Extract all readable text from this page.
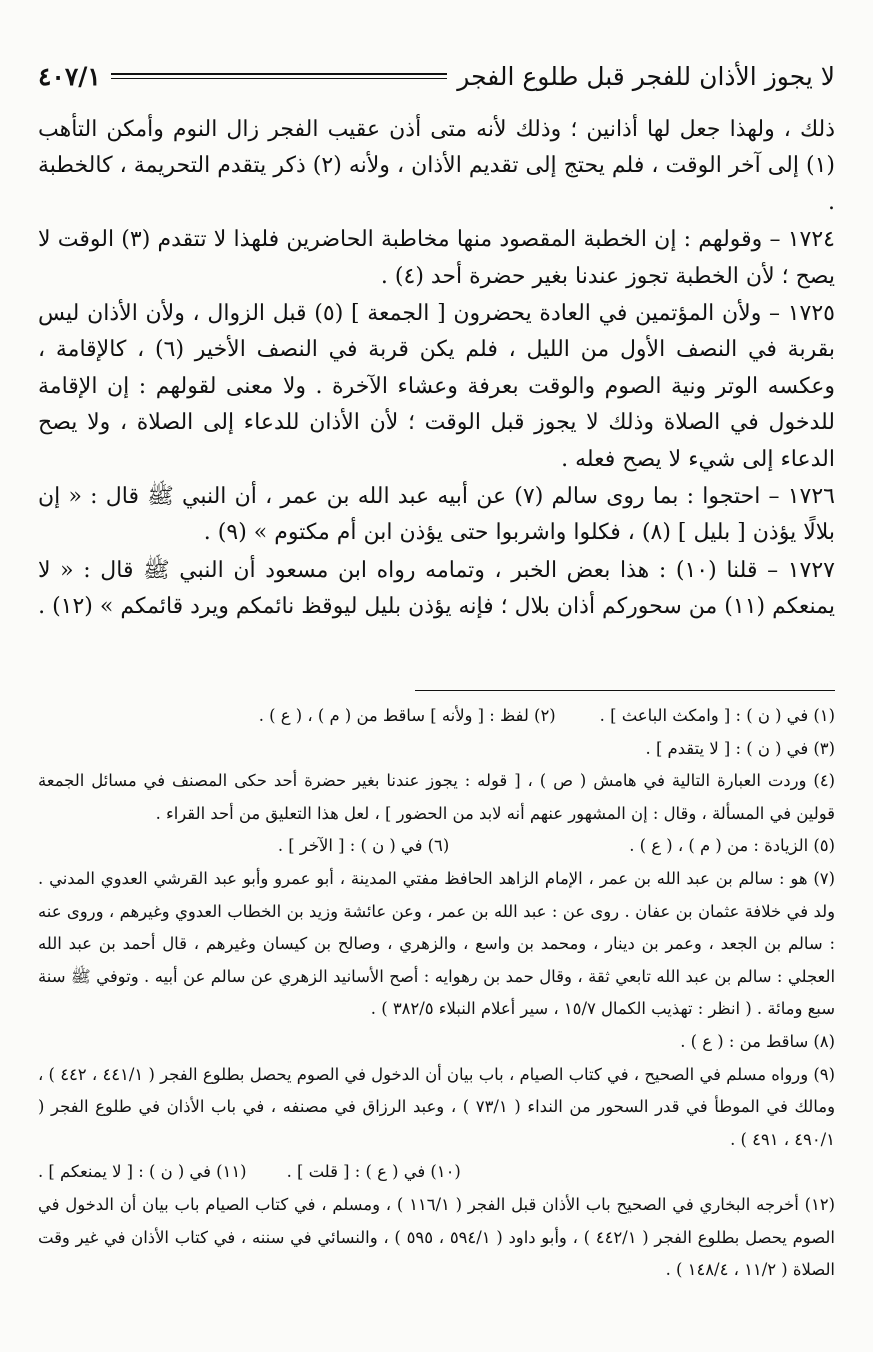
لا يجوز الأذان للفجر قبل طلوع الفجر
٤٠٧/١

ذلك ، ولهذا جعل لها أذانين ؛ وذلك لأنه متى أذن عقيب الفجر زال النوم وأمكن التأهب (١) إلى آخر الوقت ، فلم يحتج إلى تقديم الأذان ، ولأنه (٢) ذكر يتقدم التحريمة ، كالخطبة .

١٧٢٤ – وقولهم : إن الخطبة المقصود منها مخاطبة الحاضرين فلهذا لا تتقدم (٣) الوقت لا يصح ؛ لأن الخطبة تجوز عندنا بغير حضرة أحد (٤) .

١٧٢٥ – ولأن المؤتمين في العادة يحضرون [ الجمعة ] (٥) قبل الزوال ، ولأن الأذان ليس بقربة في النصف الأول من الليل ، فلم يكن قربة في النصف الأخير (٦) ، كالإقامة ، وعكسه الوتر ونية الصوم والوقت بعرفة وعشاء الآخرة . ولا معنى لقولهم : إن الإقامة للدخول في الصلاة وذلك لا يجوز قبل الوقت ؛ لأن الأذان للدعاء إلى الصلاة ، ولا يصح الدعاء إلى شيء لا يصح فعله .

١٧٢٦ – احتجوا : بما روى سالم (٧) عن أبيه عبد الله بن عمر ، أن النبي ﷺ قال : « إن بلالًا يؤذن [ بليل ] (٨) ، فكلوا واشربوا حتى يؤذن ابن أم مكتوم » (٩) .

١٧٢٧ – قلنا (١٠) : هذا بعض الخبر ، وتمامه رواه ابن مسعود أن النبي ﷺ قال : « لا يمنعكم (١١) من سحوركم أذان بلال ؛ فإنه يؤذن بليل ليوقظ نائمكم ويرد قائمكم » (١٢) .

(١) في ( ن ) : [ وامكث الباعث ] .
(٢) لفظ : [ ولأنه ] ساقط من ( م ) ، ( ع ) .

(٣) في ( ن ) : [ لا يتقدم ] .

(٤) وردت العبارة التالية في هامش ( ص ) ، [ قوله : يجوز عندنا بغير حضرة أحد حكى المصنف في مسائل الجمعة قولين في المسألة ، وقال : إن المشهور عنهم أنه لابد من الحضور ] ، لعل هذا التعليق من أحد القراء .

(٥) الزيادة : من ( م ) ، ( ع ) .
(٦) في ( ن ) : [ الآخر ] .

(٧) هو : سالم بن عبد الله بن عمر ، الإمام الزاهد الحافظ مفتي المدينة ، أبو عمرو وأبو عبد القرشي العدوي المدني . ولد في خلافة عثمان بن عفان . روى عن : عبد الله بن عمر ، وعن عائشة وزيد بن الخطاب العدوي وغيرهم ، وروى عنه : سالم بن الجعد ، وعمر بن دينار ، ومحمد بن واسع ، والزهري ، وصالح بن كيسان وغيرهم ، قال أحمد بن عبد الله العجلي : سالم بن عبد الله تابعي ثقة ، وقال حمد بن رهوايه : أصح الأسانيد الزهري عن سالم عن أبيه . وتوفي ﷺ سنة سبع ومائة . ( انظر : تهذيب الكمال ١٥/٧ ، سير أعلام النبلاء ٣٨٢/٥ ) .

(٨) ساقط من : ( ع ) .

(٩) ورواه مسلم في الصحيح ، في كتاب الصيام ، باب بيان أن الدخول في الصوم يحصل بطلوع الفجر ( ٤٤١/١ ، ٤٤٢ ) ، ومالك في الموطأ في قدر السحور من النداء ( ٧٣/١ ) ، وعبد الرزاق في مصنفه ، في باب الأذان في طلوع الفجر ( ٤٩٠/١ ، ٤٩١ ) .

(١٠) في ( ع ) : [ قلت ] .
(١١) في ( ن ) : [ لا يمنعكم ] .

(١٢) أخرجه البخاري في الصحيح باب الأذان قبل الفجر ( ١١٦/١ ) ، ومسلم ، في كتاب الصيام باب بيان أن الدخول في الصوم يحصل بطلوع الفجر ( ٤٤٢/١ ) ، وأبو داود ( ٥٩٤/١ ، ٥٩٥ ) ، والنسائي في سننه ، في كتاب الأذان في غير وقت الصلاة ( ١١/٢ ، ١٤٨/٤ ) .
